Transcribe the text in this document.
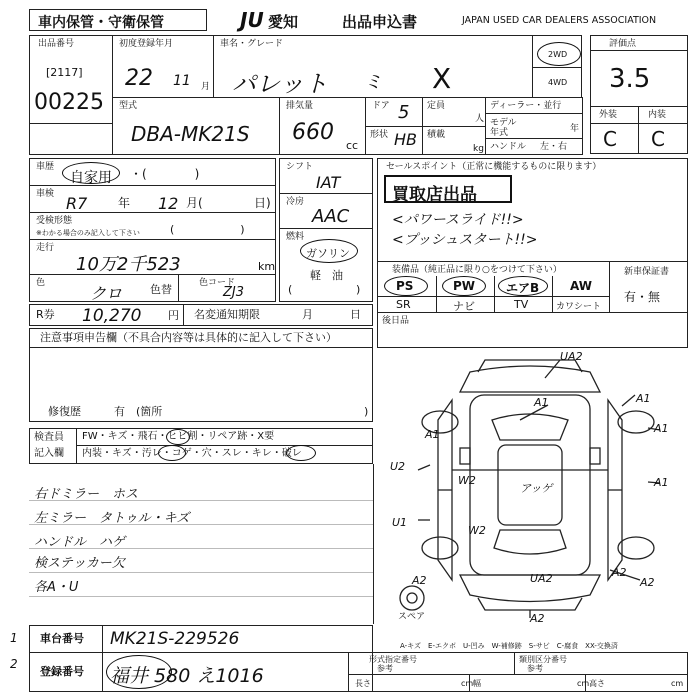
車内保管・守衛保管	JU 愛知	出品申込書	JAPAN USED CAR DEALERS ASSOCIATION
出品番号
[2117]
00225
初度登録年月
22 11 月
車名・グレード
パレット ミ X
2WD
4WD
評価点
3.5
外装	内装
C C
型式
DBA-MK21S
排気量
660
cc
ドア 5
形状 HB
定員
人
積載
kg
ディーラー・並行
モデル年式	年
ハンドル 左・右
車歴
自家用 ・(　　　　)
車検 R7	年 12 月(	日)
受検形態
※わかる場合のみ記入して下さい	(　　　　　　)
走行
10万2千523	km
色
クロ	色替	色コード
ZJ3
シフト
IAT
冷房
AAC
燃料
ガソリン
軽　油
(	)
セールスポイント（正常に機能するものに限ります）
買取店出品
<パワースライド!!>
<プッシュスタート!!>
装備品（純正品に限り○をつけて下さい）
PS	PW	エアB	AW
SR	ナビ	TV	カワシート
新車保証書
有・無
R券 10,270 円 名変通知期限	月	日 後日品
注意事項申告欄（不具合内容等は具体的に記入して下さい）
修復歴	有　(箇所	)
検査員
記入欄
FW・キズ・飛石・ヒビ割・リペア跡・X要
内装・キズ・汚レ・コゲ・穴・スレ・キレ・破レ
右ドミラー　ホス
左ミラー　タトゥル・キズ
ハンドル　ハゲ
検ステッカー欠
各A・U
UA2
A1	A1
A1	A1
U2
W2
U1
W2
アッゲ	A1
A2	UA2	A2
A2
A2
スペア
A-キズ　E-エクボ　U-凹み　W-補修跡　S-サビ　C-腐食　XX-交換済
1
2
車台番号 MK21S-229526
登録番号 福井 580 え1016
形式指定番号
参考
類別区分番号
参考
長さ	cm 幅	cm 高さ	cm
